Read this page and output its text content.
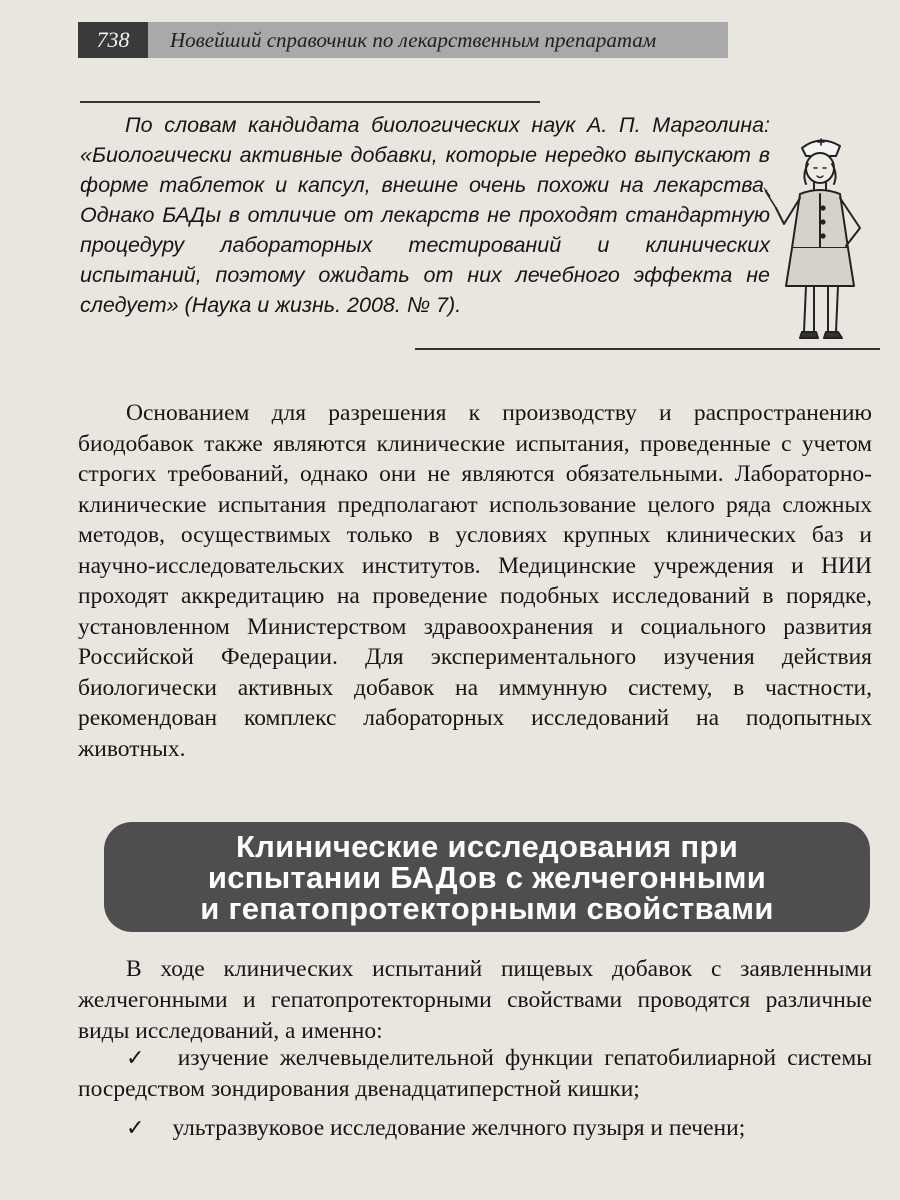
738	Новейший справочник по лекарственным препаратам

По словам кандидата биологических наук А. П. Марголина: «Биологически активные добавки, которые нередко выпускают в форме таблеток и капсул, внешне очень похожи на лекарства. Однако БАДы в отличие от лекарств не проходят стандартную процедуру лабораторных тестирований и клинических испытаний, поэтому ожидать от них лечебного эффекта не следует» (Наука и жизнь. 2008. № 7).

Основанием для разрешения к производству и распространению биодобавок также являются клинические испытания, проведенные с учетом строгих требований, однако они не являются обязательными. Лабораторно-клинические испытания предполагают использование целого ряда сложных методов, осуществимых только в условиях крупных клинических баз и научно-исследовательских институтов. Медицинские учреждения и НИИ проходят аккредитацию на проведение подобных исследований в порядке, установленном Министерством здравоохранения и социального развития Российской Федерации. Для экспериментального изучения действия биологически активных добавок на иммунную систему, в частности, рекомендован комплекс лабораторных исследований на подопытных животных.

Клинические исследования при
испытании БАДов с желчегонными
и гепатопротекторными свойствами

В ходе клинических испытаний пищевых добавок с заявленными желчегонными и гепатопротекторными свойствами проводятся различные виды исследований, а именно:

✓ изучение желчевыделительной функции гепатобилиарной системы посредством зондирования двенадцатиперстной кишки;
✓ ультразвуковое исследование желчного пузыря и печени;
